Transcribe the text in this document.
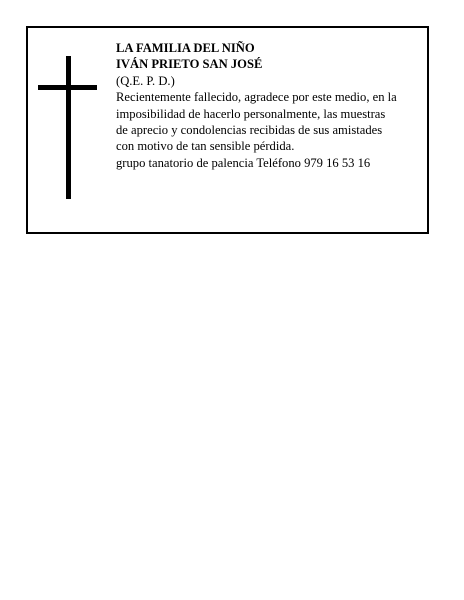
LA FAMILIA DEL NIÑO
IVÁN PRIETO SAN JOSÉ
(Q.E. P. D.)
Recientemente fallecido, agradece por este medio, en la
imposibilidad de hacerlo personalmente, las muestras
de aprecio y condolencias recibidas de sus amistades
con motivo de tan sensible pérdida.
grupo tanatorio de palencia Teléfono 979 16 53 16
